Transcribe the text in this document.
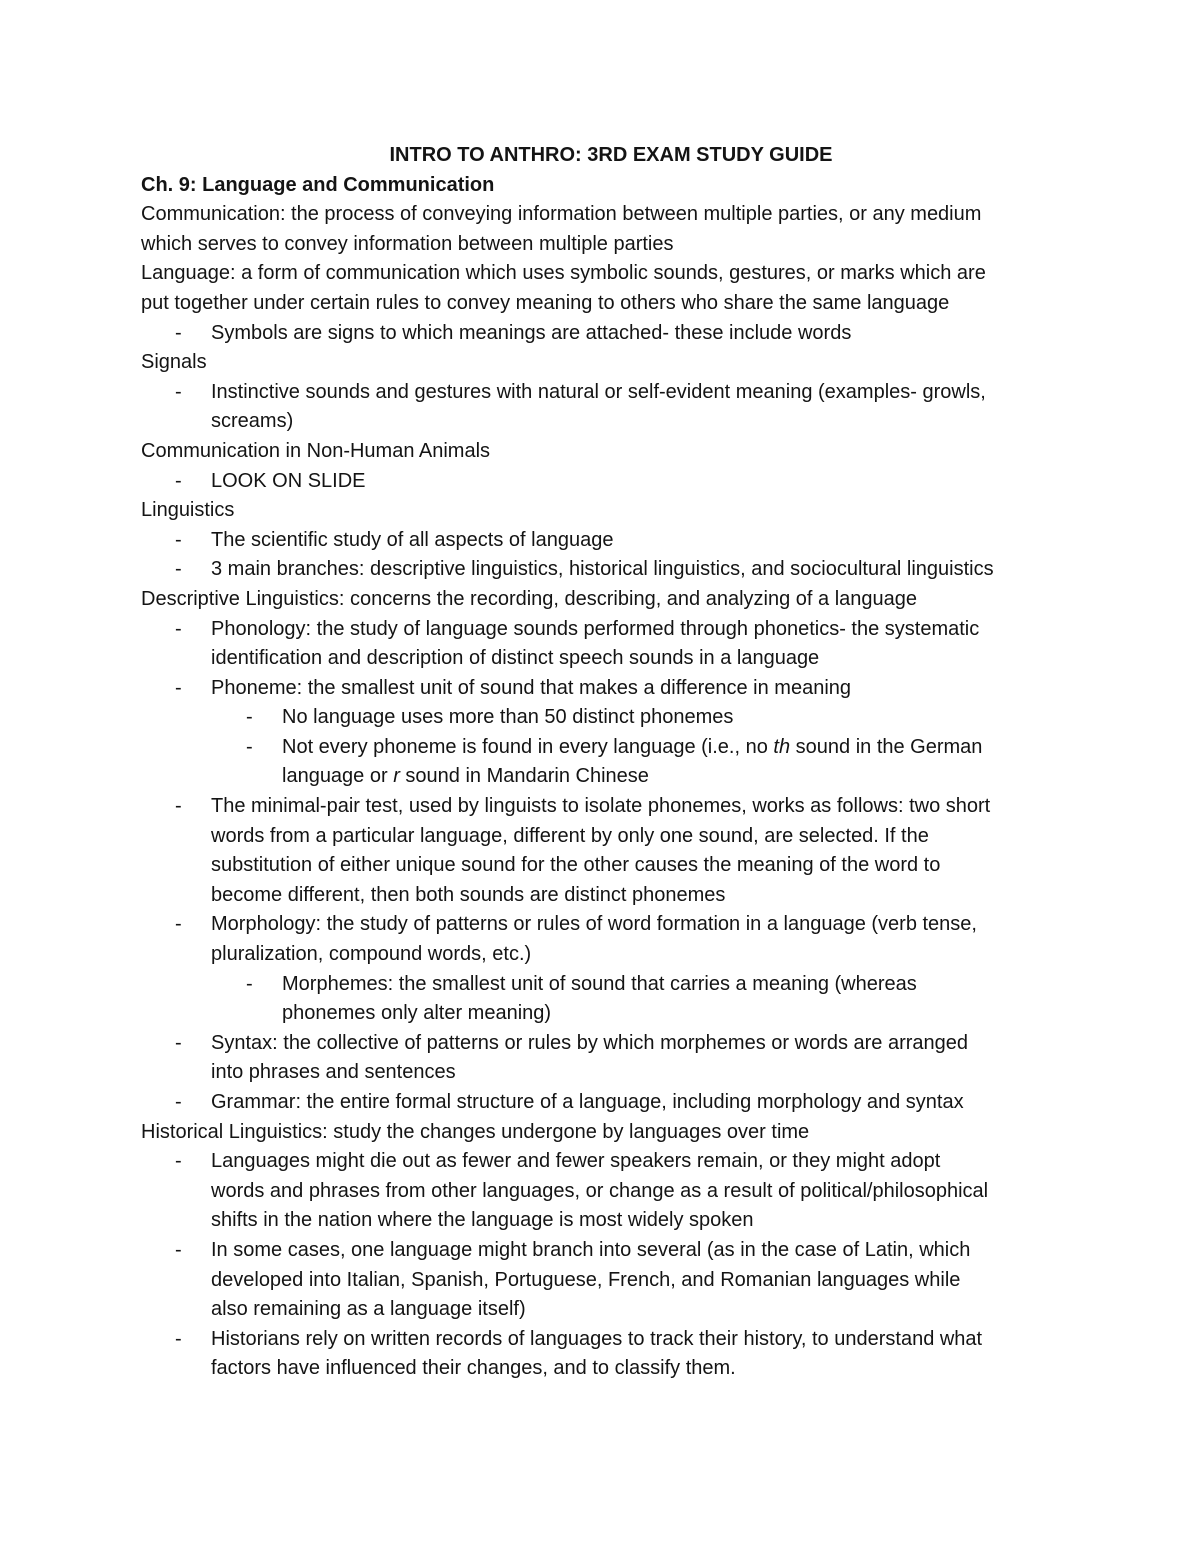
INTRO TO ANTHRO: 3RD EXAM STUDY GUIDE
Ch. 9: Language and Communication
Communication: the process of conveying information between multiple parties, or any medium
which serves to convey information between multiple parties
Language: a form of communication which uses symbolic sounds, gestures, or marks which are
put together under certain rules to convey meaning to others who share the same language
- Symbols are signs to which meanings are attached- these include words
Signals
- Instinctive sounds and gestures with natural or self-evident meaning (examples- growls,
screams)
Communication in Non-Human Animals
- LOOK ON SLIDE
Linguistics
- The scientific study of all aspects of language
- 3 main branches: descriptive linguistics, historical linguistics, and sociocultural linguistics
Descriptive Linguistics: concerns the recording, describing, and analyzing of a language
- Phonology: the study of language sounds performed through phonetics- the systematic
identification and description of distinct speech sounds in a language
- Phoneme: the smallest unit of sound that makes a difference in meaning
- No language uses more than 50 distinct phonemes
- Not every phoneme is found in every language (i.e., no th sound in the German
language or r sound in Mandarin Chinese
- The minimal-pair test, used by linguists to isolate phonemes, works as follows: two short
words from a particular language, different by only one sound, are selected. If the
substitution of either unique sound for the other causes the meaning of the word to
become different, then both sounds are distinct phonemes
- Morphology: the study of patterns or rules of word formation in a language (verb tense,
pluralization, compound words, etc.)
- Morphemes: the smallest unit of sound that carries a meaning (whereas
phonemes only alter meaning)
- Syntax: the collective of patterns or rules by which morphemes or words are arranged
into phrases and sentences
- Grammar: the entire formal structure of a language, including morphology and syntax
Historical Linguistics: study the changes undergone by languages over time
- Languages might die out as fewer and fewer speakers remain, or they might adopt
words and phrases from other languages, or change as a result of political/philosophical
shifts in the nation where the language is most widely spoken
- In some cases, one language might branch into several (as in the case of Latin, which
developed into Italian, Spanish, Portuguese, French, and Romanian languages while
also remaining as a language itself)
- Historians rely on written records of languages to track their history, to understand what
factors have influenced their changes, and to classify them.
